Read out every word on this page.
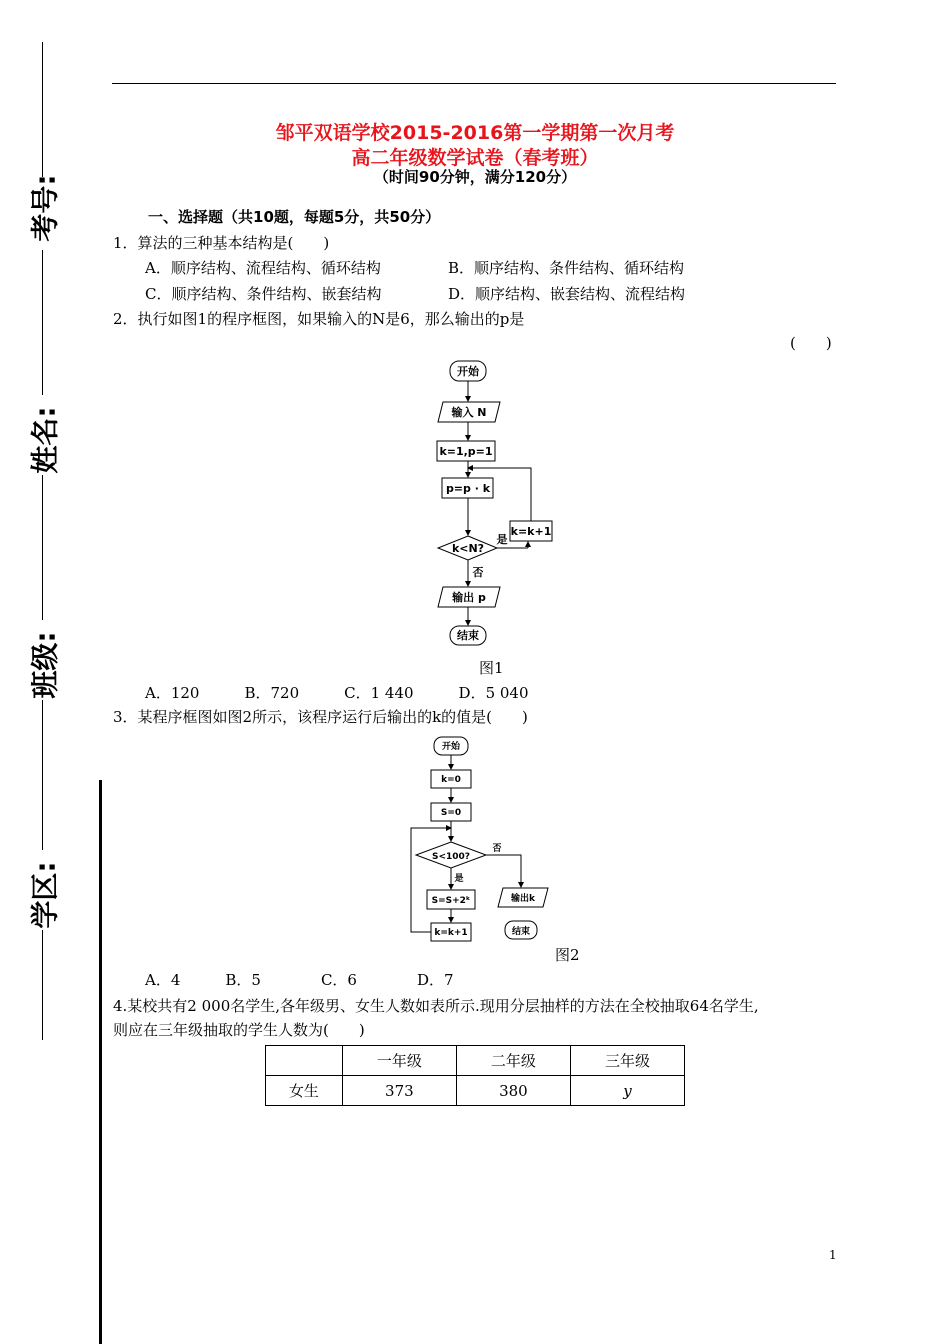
考号:
姓名:
班级:
学区:
邹平双语学校2015-2016第一学期第一次月考
高二年级数学试卷（春考班）
（时间90分钟，满分120分）
一、选择题（共10题，每题5分，共50分）
1．算法的三种基本结构是(　　)
A．顺序结构、流程结构、循环结构	B．顺序结构、条件结构、循环结构
C．顺序结构、条件结构、嵌套结构	D．顺序结构、嵌套结构、流程结构
2．执行如图1的程序框图，如果输入的N是6，那么输出的p是
(　　)
开始
输入 N
k=1,p=1
p=p · k
k<N?
是
k=k+1
否
输出 p
结束
图1
A．120　　　B．720　　　C．1 440　　　D．5 040
3．某程序框图如图2所示，该程序运行后输出的k的值是(　　)
开始
k=0
S=0
S<100?
否
是
S=S+2ᵏ
k=k+1
输出k
结束
图2
A．4　　　B．5　　　　C．6　　　　D．7
4.某校共有2 000名学生,各年级男、女生人数如表所示.现用分层抽样的方法在全校抽取64名学生,
则应在三年级抽取的学生人数为(　　)
	一年级	二年级	三年级
女生	373	380	y
1
